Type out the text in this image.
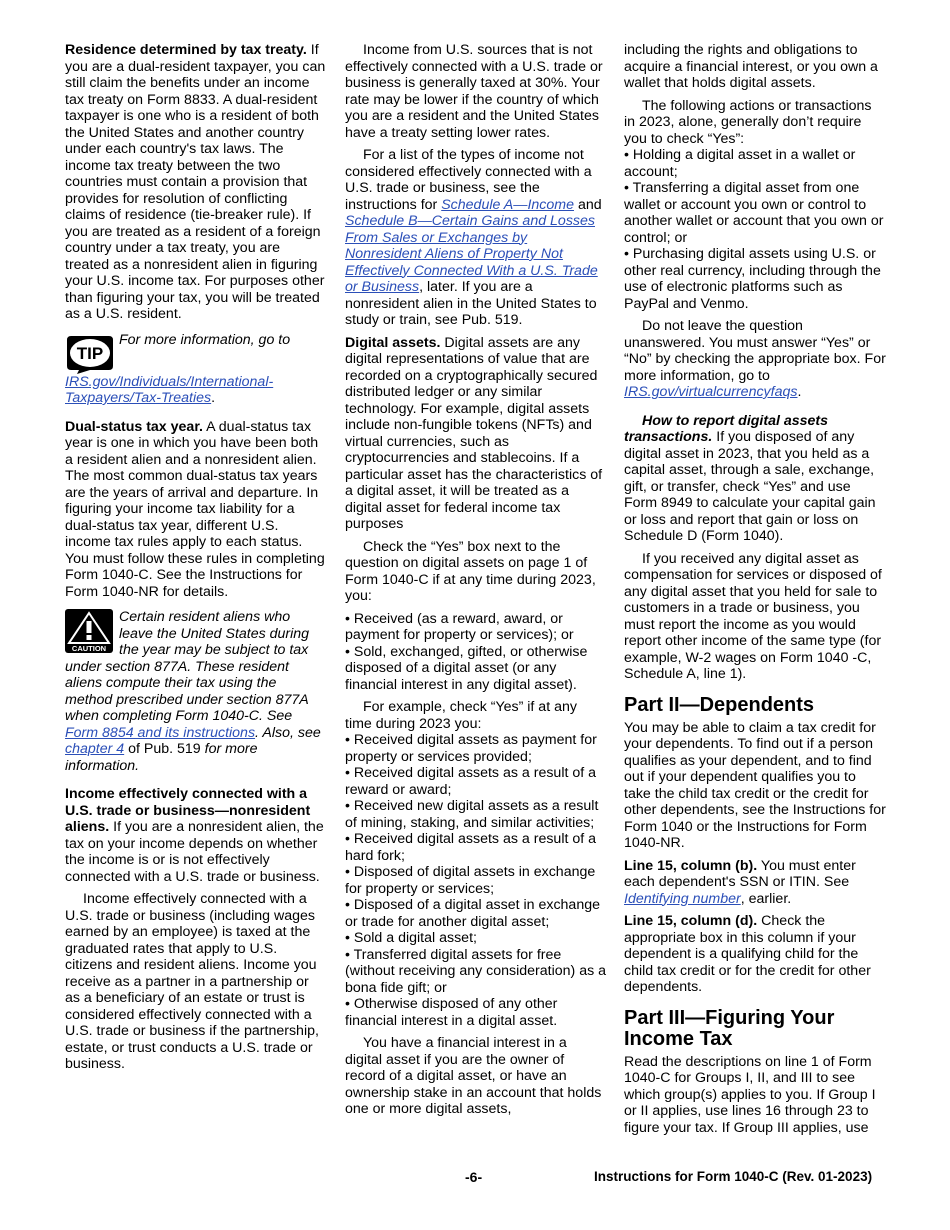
Residence determined by tax treaty. If you are a dual-resident taxpayer, you can still claim the benefits under an income tax treaty on Form 8833. A dual-resident taxpayer is one who is a resident of both the United States and another country under each country's tax laws. The income tax treaty between the two countries must contain a provision that provides for resolution of conflicting claims of residence (tie-breaker rule). If you are treated as a resident of a foreign country under a tax treaty, you are treated as a nonresident alien in figuring your U.S. income tax. For purposes other than figuring your tax, you will be treated as a U.S. resident.

TIP
For more information, go to IRS.gov/Individuals/International-Taxpayers/Tax-Treaties.

Dual-status tax year. A dual-status tax year is one in which you have been both a resident alien and a nonresident alien. The most common dual-status tax years are the years of arrival and departure. In figuring your income tax liability for a dual-status tax year, different U.S. income tax rules apply to each status. You must follow these rules in completing Form 1040-C. See the Instructions for Form 1040-NR for details.

CAUTION
Certain resident aliens who leave the United States during the year may be subject to tax under section 877A. These resident aliens compute their tax using the method prescribed under section 877A when completing Form 1040-C. See Form 8854 and its instructions. Also, see chapter 4 of Pub. 519 for more information.

Income effectively connected with a U.S. trade or business—nonresident aliens. If you are a nonresident alien, the tax on your income depends on whether the income is or is not effectively connected with a U.S. trade or business.

Income effectively connected with a U.S. trade or business (including wages earned by an employee) is taxed at the graduated rates that apply to U.S. citizens and resident aliens. Income you receive as a partner in a partnership or as a beneficiary of an estate or trust is considered effectively connected with a U.S. trade or business if the partnership, estate, or trust conducts a U.S. trade or business.

Income from U.S. sources that is not effectively connected with a U.S. trade or business is generally taxed at 30%. Your rate may be lower if the country of which you are a resident and the United States have a treaty setting lower rates.

For a list of the types of income not considered effectively connected with a U.S. trade or business, see the instructions for Schedule A—Income and Schedule B—Certain Gains and Losses From Sales or Exchanges by Nonresident Aliens of Property Not Effectively Connected With a U.S. Trade or Business, later. If you are a nonresident alien in the United States to study or train, see Pub. 519.

Digital assets. Digital assets are any digital representations of value that are recorded on a cryptographically secured distributed ledger or any similar technology. For example, digital assets include non-fungible tokens (NFTs) and virtual currencies, such as cryptocurrencies and stablecoins. If a particular asset has the characteristics of a digital asset, it will be treated as a digital asset for federal income tax purposes

Check the “Yes” box next to the question on digital assets on page 1 of Form 1040-C if at any time during 2023, you:

• Received (as a reward, award, or payment for property or services); or

• Sold, exchanged, gifted, or otherwise disposed of a digital asset (or any financial interest in any digital asset).

For example, check “Yes” if at any time during 2023 you:

• Received digital assets as payment for property or services provided;

• Received digital assets as a result of a reward or award;

• Received new digital assets as a result of mining, staking, and similar activities;

• Received digital assets as a result of a hard fork;

• Disposed of digital assets in exchange for property or services;

• Disposed of a digital asset in exchange or trade for another digital asset;

• Sold a digital asset;

• Transferred digital assets for free (without receiving any consideration) as a bona fide gift; or

• Otherwise disposed of any other financial interest in a digital asset.

You have a financial interest in a digital asset if you are the owner of record of a digital asset, or have an ownership stake in an account that holds one or more digital assets,

including the rights and obligations to acquire a financial interest, or you own a wallet that holds digital assets.

The following actions or transactions in 2023, alone, generally don’t require you to check “Yes”:

• Holding a digital asset in a wallet or account;

• Transferring a digital asset from one wallet or account you own or control to another wallet or account that you own or control; or

• Purchasing digital assets using U.S. or other real currency, including through the use of electronic platforms such as PayPal and Venmo.

Do not leave the question unanswered. You must answer “Yes” or “No” by checking the appropriate box. For more information, go to IRS.gov/virtualcurrencyfaqs.

How to report digital assets transactions. If you disposed of any digital asset in 2023, that you held as a capital asset, through a sale, exchange, gift, or transfer, check “Yes” and use Form 8949 to calculate your capital gain or loss and report that gain or loss on Schedule D (Form 1040).

If you received any digital asset as compensation for services or disposed of any digital asset that you held for sale to customers in a trade or business, you must report the income as you would report other income of the same type (for example, W-2 wages on Form 1040 -C, Schedule A, line 1).

Part II—Dependents

You may be able to claim a tax credit for your dependents. To find out if a person qualifies as your dependent, and to find out if your dependent qualifies you to take the child tax credit or the credit for other dependents, see the Instructions for Form 1040 or the Instructions for Form 1040-NR.

Line 15, column (b). You must enter each dependent's SSN or ITIN. See Identifying number, earlier.

Line 15, column (d). Check the appropriate box in this column if your dependent is a qualifying child for the child tax credit or for the credit for other dependents.

Part III—Figuring Your Income Tax

Read the descriptions on line 1 of Form 1040-C for Groups I, II, and III to see which group(s) applies to you. If Group I or II applies, use lines 16 through 23 to figure your tax. If Group III applies, use

-6-	Instructions for Form 1040-C (Rev. 01-2023)
